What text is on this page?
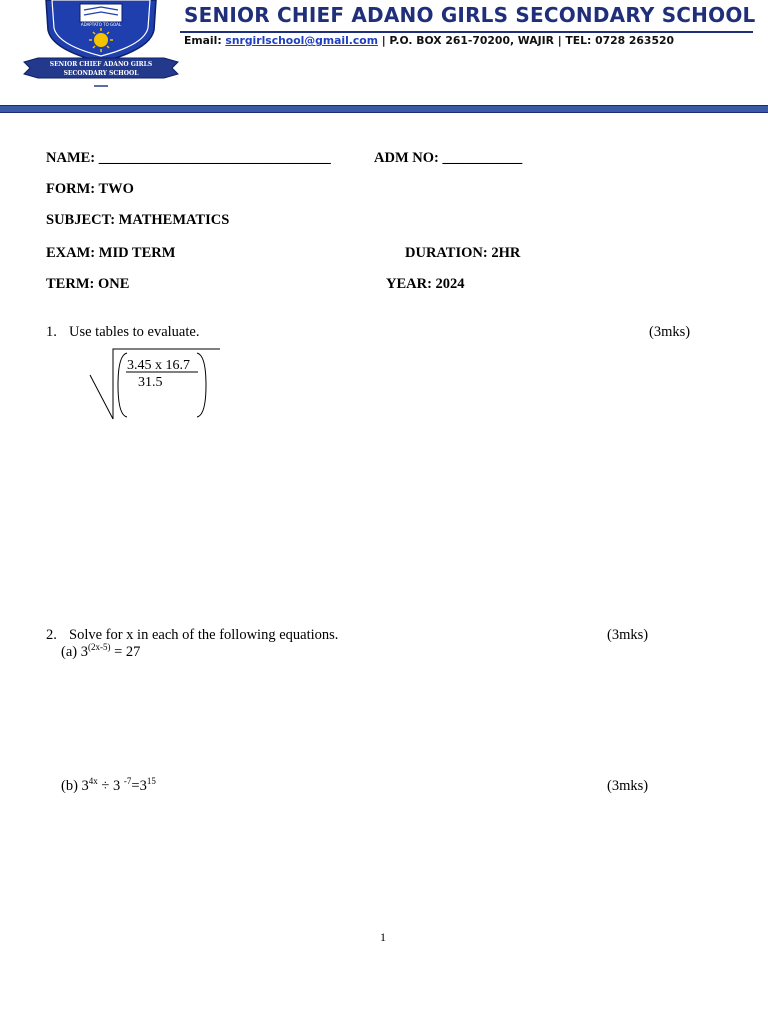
ADAPTATO TO GOAL
SENIOR CHIEF ADANO GIRLS
SECONDARY SCHOOL
SENIOR CHIEF ADANO GIRLS SECONDARY SCHOOL
Email: snrgirlschool@gmail.com | P.O. BOX 261-70200, WAJIR | TEL: 0728 263520
NAME: ________________________________	ADM NO: ___________
FORM: TWO
SUBJECT: MATHEMATICS
EXAM: MID TERM	DURATION: 2HR
TERM: ONE	YEAR: 2024
1. Use tables to evaluate.	(3mks)
3.45 x 16.7
31.5
2. Solve for x in each of the following equations.	(3mks)
(a) $3^{(2x-5)} = 27$
(b) $3^{4x} \div 3$ $^{-7}=3^{15}$	(3mks)
1
